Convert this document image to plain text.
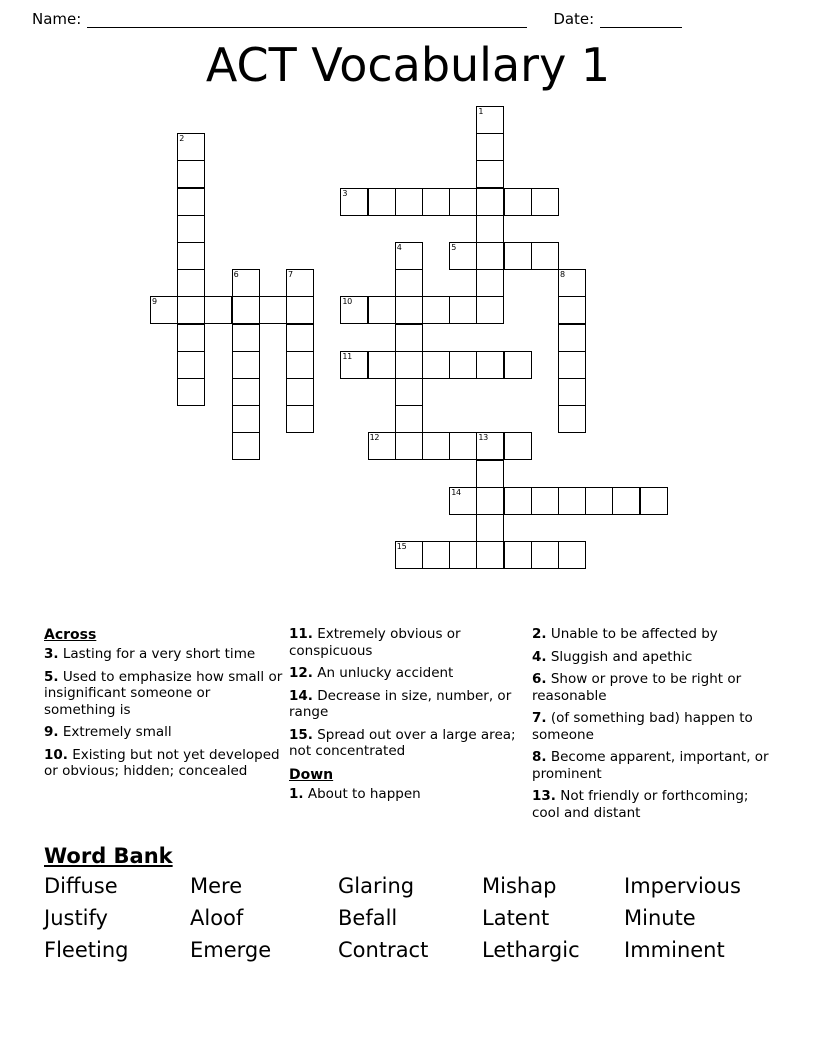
Name:	Date:
ACT Vocabulary 1
1
2
3
4	5
6	7	8
9	10
11
12	13
14
15
Across
3. Lasting for a very short time
5. Used to emphasize how small or insignificant someone or something is
9. Extremely small
10. Existing but not yet developed or obvious; hidden; concealed
11. Extremely obvious or conspicuous
12. An unlucky accident
14. Decrease in size, number, or range
15. Spread out over a large area; not concentrated
Down
1. About to happen
2. Unable to be affected by
4. Sluggish and apethic
6. Show or prove to be right or reasonable
7. (of something bad) happen to someone
8. Become apparent, important, or prominent
13. Not friendly or forthcoming; cool and distant
Word Bank
Diffuse	Mere	Glaring	Mishap	Impervious
Justify	Aloof	Befall	Latent	Minute
Fleeting	Emerge	Contract	Lethargic	Imminent
